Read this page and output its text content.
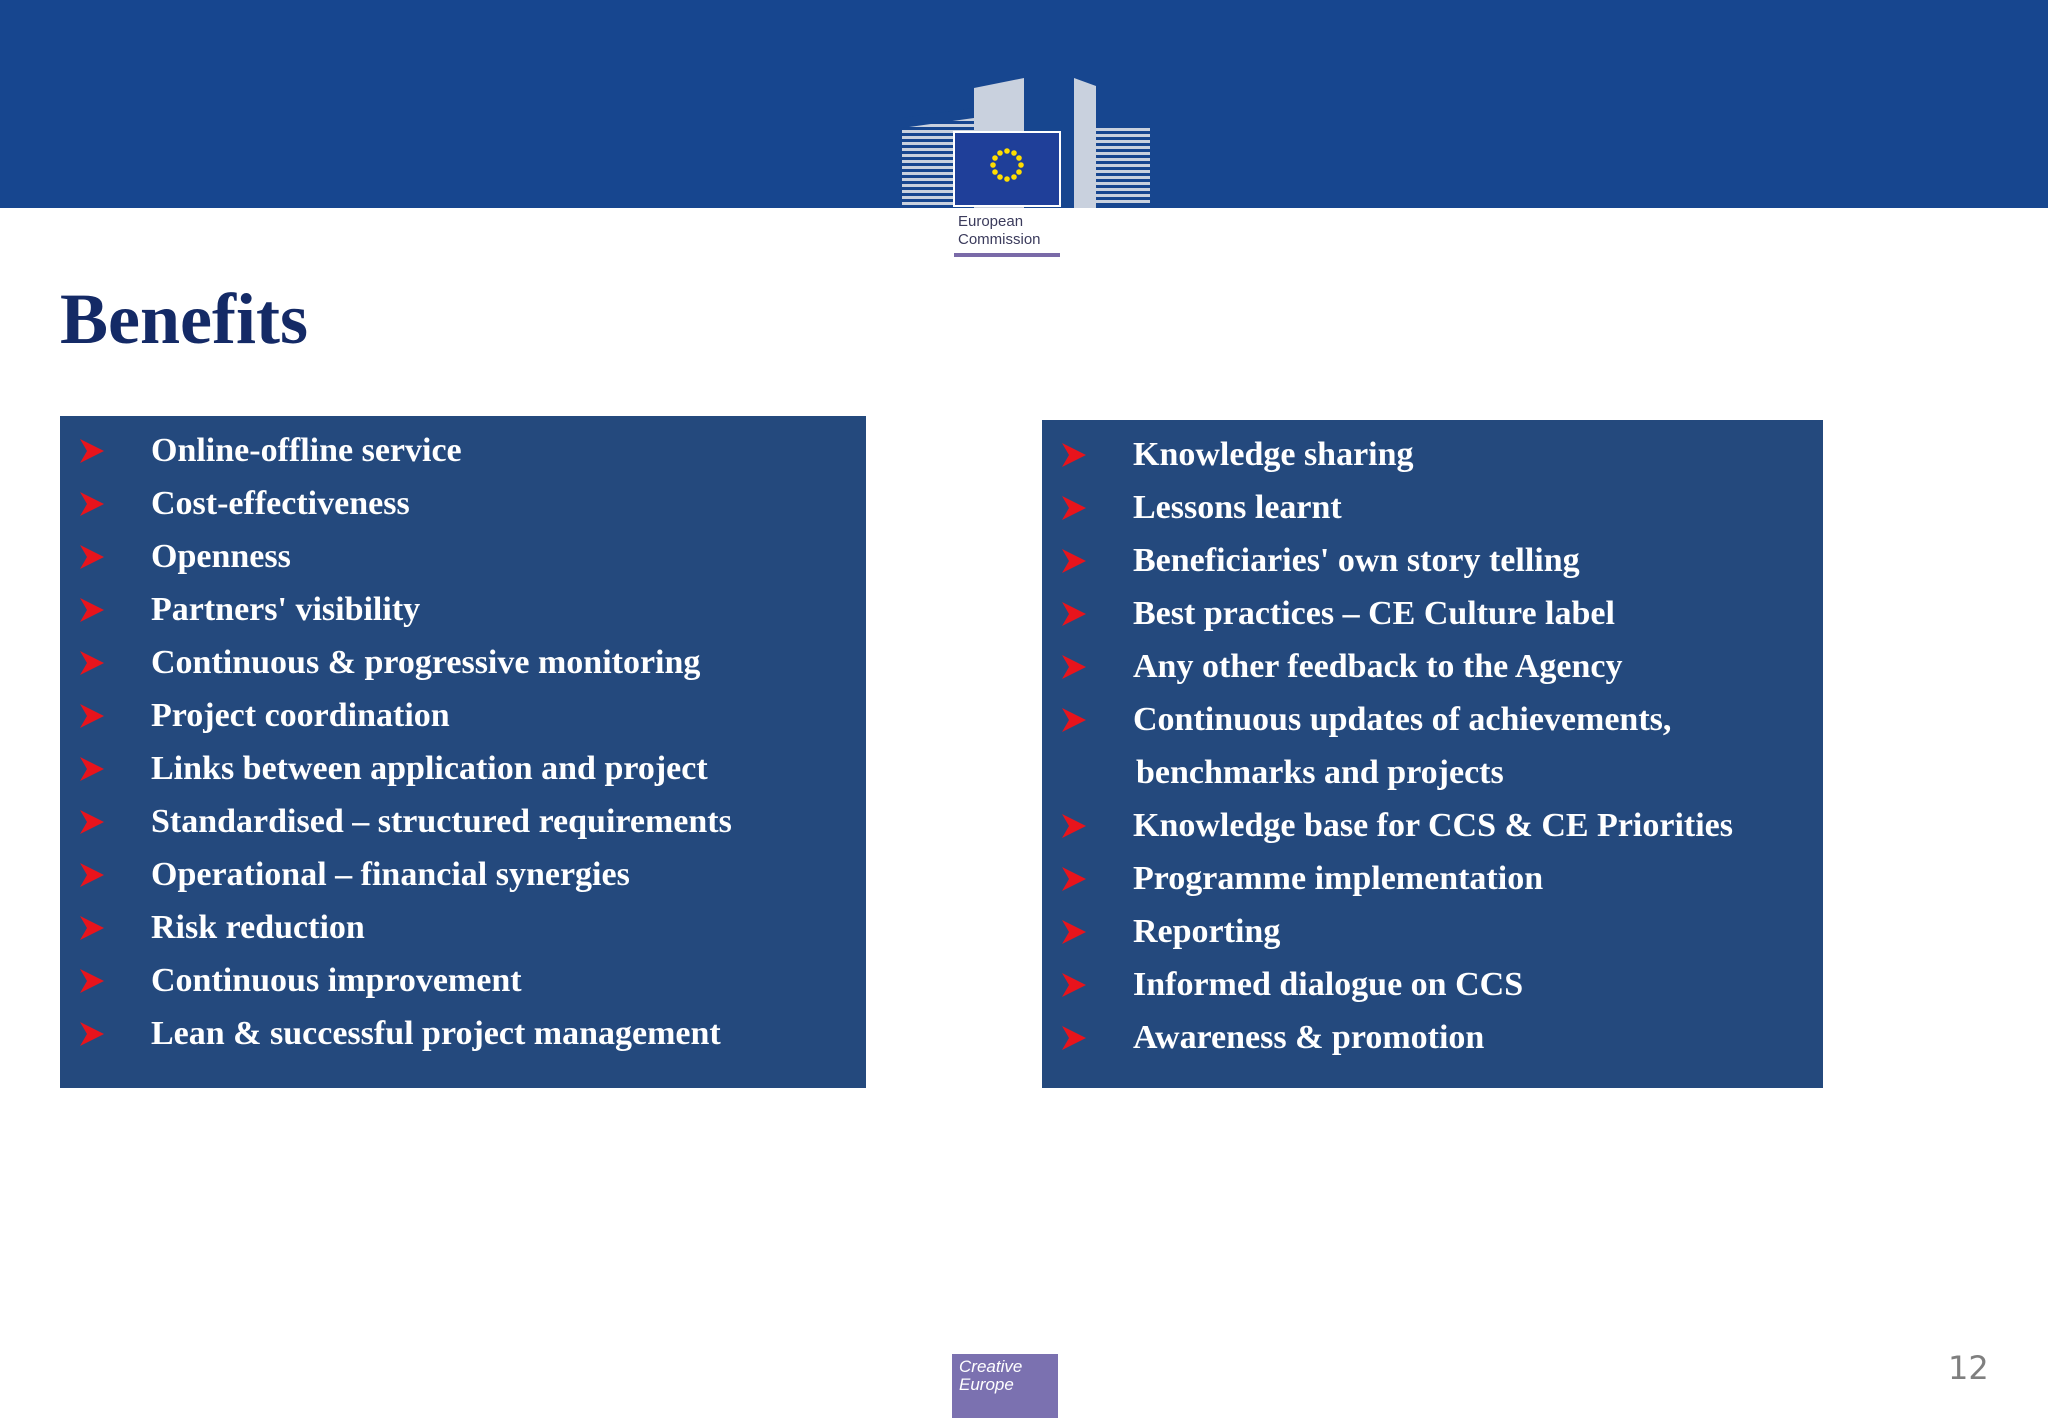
European
Commission
Benefits
Online-offline service
Cost-effectiveness
Openness
Partners' visibility
Continuous & progressive monitoring
Project coordination
Links between application and project
Standardised – structured requirements
Operational – financial synergies
Risk reduction
Continuous improvement
Lean & successful project management
Knowledge sharing
Lessons learnt
Beneficiaries' own story telling
Best practices – CE Culture label
Any other feedback to the Agency
Continuous updates of achievements,
benchmarks and projects
Knowledge base for CCS & CE Priorities
Programme implementation
Reporting
Informed dialogue on CCS
Awareness & promotion
Creative
Europe	12
